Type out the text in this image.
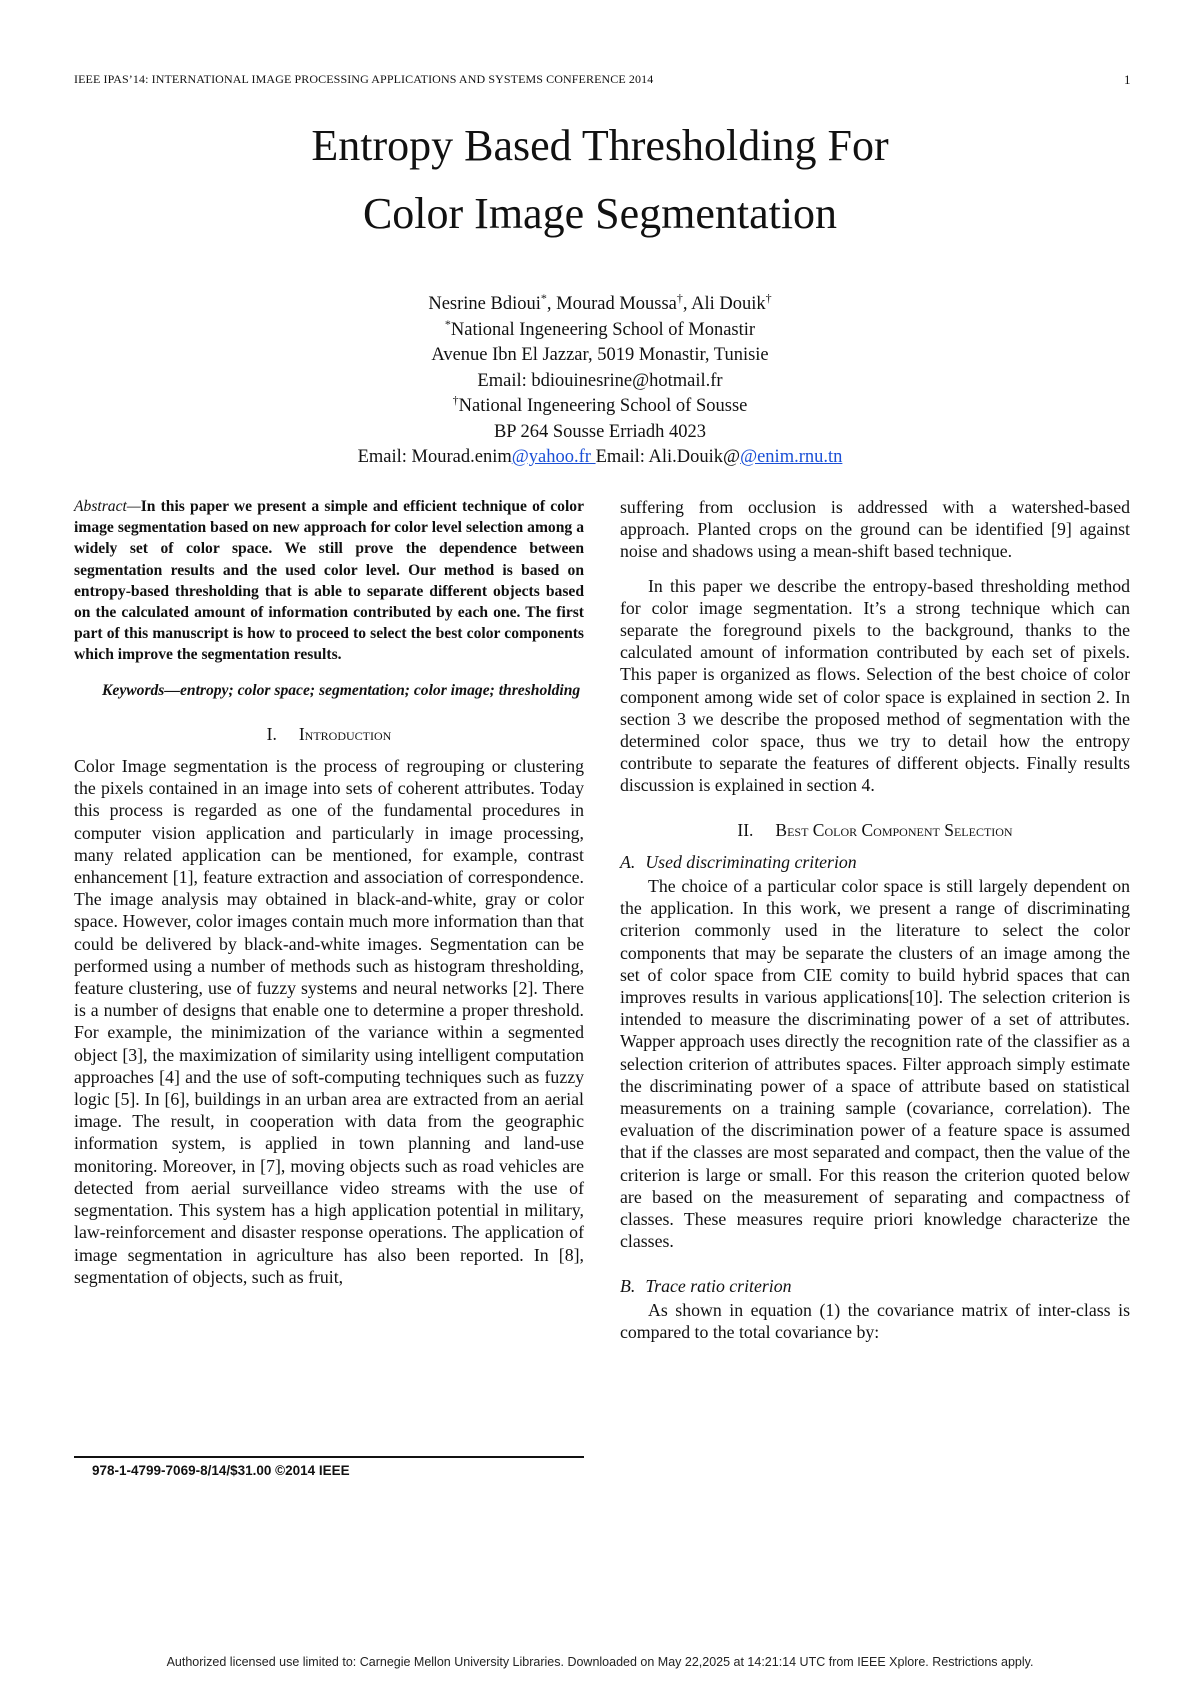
IEEE IPAS’14: INTERNATIONAL IMAGE PROCESSING APPLICATIONS AND SYSTEMS CONFERENCE 2014	1
Entropy Based Thresholding For
Color Image Segmentation
Nesrine Bdioui*, Mourad Moussa†, Ali Douik†
*National Ingeneering School of Monastir
Avenue Ibn El Jazzar, 5019 Monastir, Tunisie
Email: bdiouinesrine@hotmail.fr
†National Ingeneering School of Sousse
BP 264 Sousse Erriadh 4023
Email: Mourad.enim@yahoo.fr Email: Ali.Douik@@enim.rnu.tn

Abstract—In this paper we present a simple and efficient technique of color image segmentation based on new approach for color level selection among a widely set of color space. We still prove the dependence between segmentation results and the used color level. Our method is based on entropy-based thresholding that is able to separate different objects based on the calculated amount of information contributed by each one. The first part of this manuscript is how to proceed to select the best color components which improve the segmentation results.

Keywords—entropy; color space; segmentation; color image; thresholding

I. Introduction

Color Image segmentation is the process of regrouping or clustering the pixels contained in an image into sets of coherent attributes. Today this process is regarded as one of the fundamental procedures in computer vision application and particularly in image processing, many related application can be mentioned, for example, contrast enhancement [1], feature extraction and association of correspondence. The image analysis may obtained in black-and-white, gray or color space. However, color images contain much more information than that could be delivered by black-and-white images. Segmentation can be performed using a number of methods such as histogram thresholding, feature clustering, use of fuzzy systems and neural networks [2]. There is a number of designs that enable one to determine a proper threshold. For example, the minimization of the variance within a segmented object [3], the maximization of similarity using intelligent computation approaches [4] and the use of soft-computing techniques such as fuzzy logic [5]. In [6], buildings in an urban area are extracted from an aerial image. The result, in cooperation with data from the geographic information system, is applied in town planning and land-use monitoring. Moreover, in [7], moving objects such as road vehicles are detected from aerial surveillance video streams with the use of segmentation. This system has a high application potential in military, law-reinforcement and disaster response operations. The application of image segmentation in agriculture has also been reported. In [8], segmentation of objects, such as fruit,

suffering from occlusion is addressed with a watershed-based approach. Planted crops on the ground can be identified [9] against noise and shadows using a mean-shift based technique.

In this paper we describe the entropy-based thresholding method for color image segmentation. It’s a strong technique which can separate the foreground pixels to the background, thanks to the calculated amount of information contributed by each set of pixels. This paper is organized as flows. Selection of the best choice of color component among wide set of color space is explained in section 2. In section 3 we describe the proposed method of segmentation with the determined color space, thus we try to detail how the entropy contribute to separate the features of different objects. Finally results discussion is explained in section 4.

II. Best Color Component Selection

A. Used discriminating criterion

The choice of a particular color space is still largely dependent on the application. In this work, we present a range of discriminating criterion commonly used in the literature to select the color components that may be separate the clusters of an image among the set of color space from CIE comity to build hybrid spaces that can improves results in various applications[10]. The selection criterion is intended to measure the discriminating power of a set of attributes. Wapper approach uses directly the recognition rate of the classifier as a selection criterion of attributes spaces. Filter approach simply estimate the discriminating power of a space of attribute based on statistical measurements on a training sample (covariance, correlation). The evaluation of the discrimination power of a feature space is assumed that if the classes are most separated and compact, then the value of the criterion is large or small. For this reason the criterion quoted below are based on the measurement of separating and compactness of classes. These measures require priori knowledge characterize the classes.

B. Trace ratio criterion

As shown in equation (1) the covariance matrix of inter-class is compared to the total covariance by:

978-1-4799-7069-8/14/$31.00 ©2014 IEEE
Authorized licensed use limited to: Carnegie Mellon University Libraries. Downloaded on May 22,2025 at 14:21:14 UTC from IEEE Xplore. Restrictions apply.
